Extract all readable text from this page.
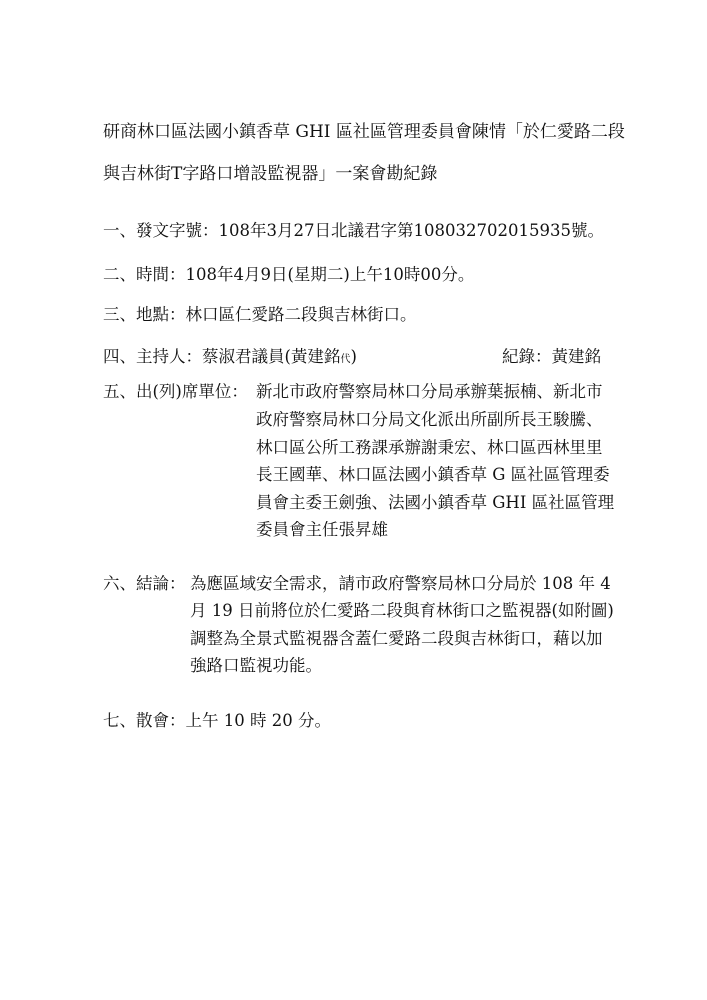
研商林口區法國小鎮香草 GHI 區社區管理委員會陳情「於仁愛路二段
與吉林街T字路口增設監視器」一案會勘紀錄
一、發文字號：108年3月27日北議君字第108032702015935號。
二、時間：108年4月9日(星期二)上午10時00分。
三、地點：林口區仁愛路二段與吉林街口。
四、主持人：蔡淑君議員(黃建銘代)	紀錄：黃建銘
五、出(列)席單位： 新北市政府警察局林口分局承辦葉振楠、新北市
政府警察局林口分局文化派出所副所長王駿騰、
林口區公所工務課承辦謝秉宏、林口區西林里里
長王國華、林口區法國小鎮香草 G 區社區管理委
員會主委王劍強、法國小鎮香草 GHI 區社區管理
委員會主任張昇雄
六、結論： 為應區域安全需求，請市政府警察局林口分局於 108 年 4
月 19 日前將位於仁愛路二段與育林街口之監視器(如附圖)
調整為全景式監視器含蓋仁愛路二段與吉林街口，藉以加
強路口監視功能。
七、散會：上午 10 時 20 分。
